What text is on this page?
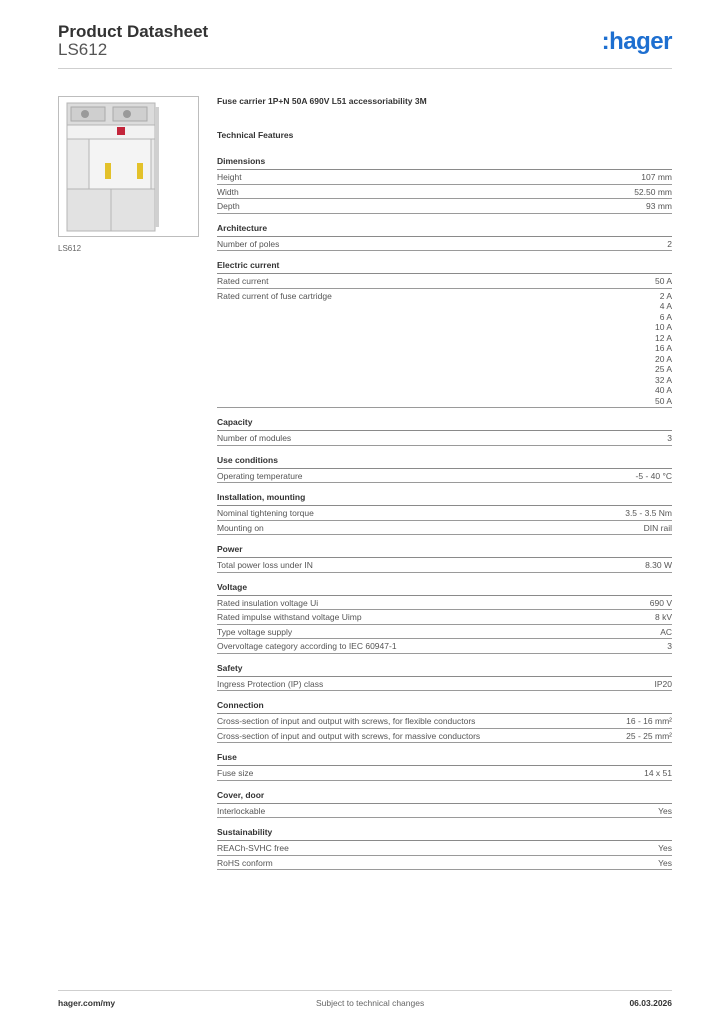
Product Datasheet
LS612	:hager
LS612
Fuse carrier 1P+N 50A 690V L51 accessoriability 3M
Technical Features
Dimensions
Height	107 mm
Width	52.50 mm
Depth	93 mm
Architecture
Number of poles	2
Electric current
Rated current	50 A
Rated current of fuse cartridge	2 A
4 A
6 A
10 A
12 A
16 A
20 A
25 A
32 A
40 A
50 A
Capacity
Number of modules	3
Use conditions
Operating temperature	-5 - 40 °C
Installation, mounting
Nominal tightening torque	3.5 - 3.5 Nm
Mounting on	DIN rail
Power
Total power loss under IN	8.30 W
Voltage
Rated insulation voltage Ui	690 V
Rated impulse withstand voltage Uimp	8 kV
Type voltage supply	AC
Overvoltage category according to IEC 60947-1	3
Safety
Ingress Protection (IP) class	IP20
Connection
Cross-section of input and output with screws, for flexible conductors	16 - 16 mm²
Cross-section of input and output with screws, for massive conductors	25 - 25 mm²
Fuse
Fuse size	14 x 51
Cover, door
Interlockable	Yes
Sustainability
REACh-SVHC free	Yes
RoHS conform	Yes
hager.com/my	Subject to technical changes	06.03.2026
